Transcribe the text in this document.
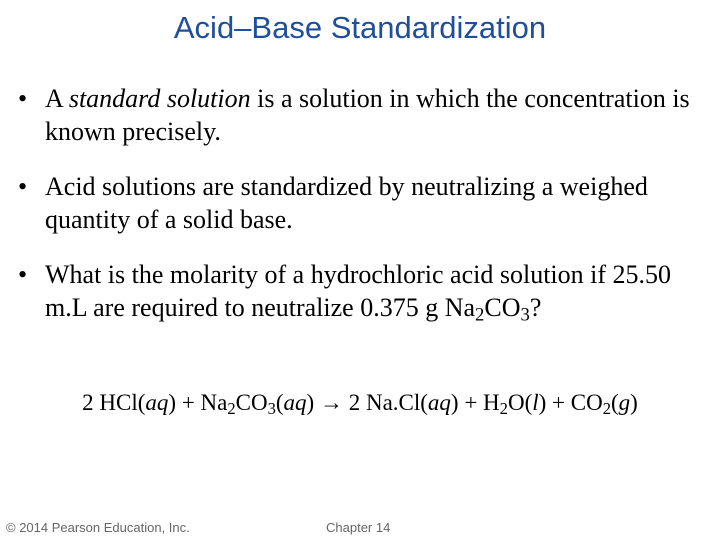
Acid–Base Standardization
• A standard solution is a solution in which the concentration is known precisely.
• Acid solutions are standardized by neutralizing a weighed quantity of a solid base.
• What is the molarity of a hydrochloric acid solution if 25.50 m.L are required to neutralize 0.375 g $Na_2CO_3$?
2 $HCl(aq) + Na_2CO_3(aq) \to 2$ $Na.Cl(aq) + H_2O(l) + CO_2(g)$
© 2014 Pearson Education, Inc.	Chapter 14
